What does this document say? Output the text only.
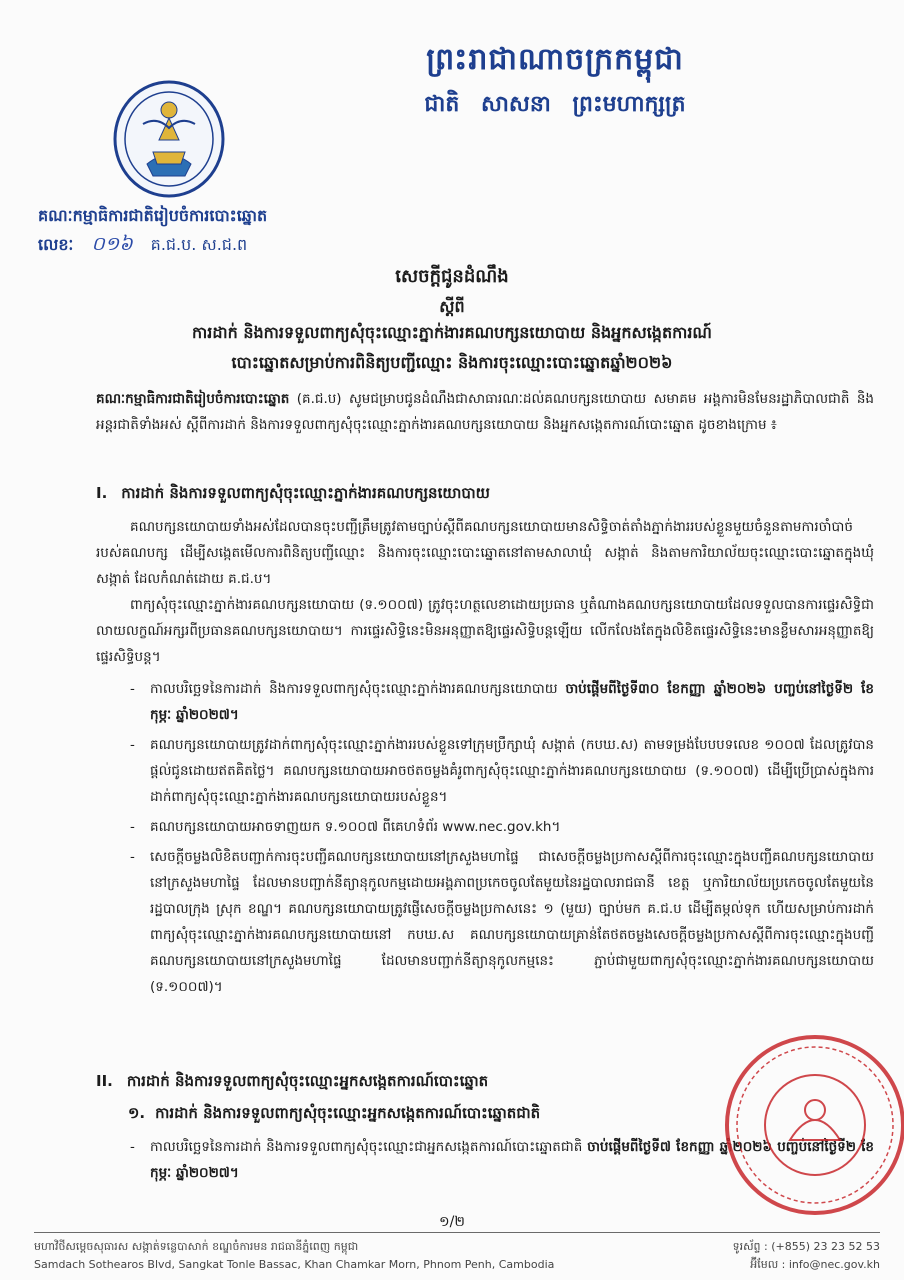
ព្រះរាជាណាចក្រកម្ពុជា
ជាតិ សាសនា ព្រះមហាក្សត្រ
គណៈកម្មាធិការជាតិរៀបចំការបោះឆ្នោត
លេខៈ ០១៦ គ.ជ.ប. ស.ជ.ព
សេចក្តីជូនដំណឹង
ស្តីពី
ការដាក់ និងការទទួលពាក្យសុំចុះឈ្មោះភ្នាក់ងារគណបក្សនយោបាយ និងអ្នកសង្កេតការណ៍
បោះឆ្នោតសម្រាប់ការពិនិត្យបញ្ជីឈ្មោះ និងការចុះឈ្មោះបោះឆ្នោតឆ្នាំ២០២៦
គណៈកម្មាធិការជាតិរៀបចំការបោះឆ្នោត (គ.ជ.ប) សូមជម្រាបជូនដំណឹងជាសាធារណៈដល់គណបក្សនយោបាយ សមាគម អង្គការមិនមែនរដ្ឋាភិបាលជាតិ និងអន្តរជាតិទាំងអស់ ស្តីពីការដាក់ និងការទទួលពាក្យសុំចុះឈ្មោះភ្នាក់ងារគណបក្សនយោបាយ និងអ្នកសង្កេតការណ៍បោះឆ្នោត ដូចខាងក្រោម ៖
I. ការដាក់ និងការទទួលពាក្យសុំចុះឈ្មោះភ្នាក់ងារគណបក្សនយោបាយ
គណបក្សនយោបាយទាំងអស់ដែលបានចុះបញ្ជីត្រឹមត្រូវតាមច្បាប់ស្តីពីគណបក្សនយោបាយមានសិទ្ធិចាត់តាំងភ្នាក់ងាររបស់ខ្លួនមួយចំនួនតាមការចាំបាច់របស់គណបក្ស ដើម្បីសង្កេតមើលការពិនិត្យបញ្ជីឈ្មោះ និងការចុះឈ្មោះបោះឆ្នោតនៅតាមសាលាឃុំ សង្កាត់ និងតាមការិយាល័យចុះឈ្មោះបោះឆ្នោតក្នុងឃុំ សង្កាត់ ដែលកំណត់ដោយ គ.ជ.ប។
ពាក្យសុំចុះឈ្មោះភ្នាក់ងារគណបក្សនយោបាយ (ទ.១០០៧) ត្រូវចុះហត្ថលេខាដោយប្រធាន ឬតំណាងគណបក្សនយោបាយដែលទទួលបានការផ្ទេរសិទ្ធិជាលាយលក្ខណ៍អក្សរពីប្រធានគណបក្សនយោបាយ។ ការផ្ទេរសិទ្ធិនេះមិនអនុញ្ញាតឱ្យផ្ទេរសិទ្ធិបន្តឡើយ លើកលែងតែក្នុងលិខិតផ្ទេរសិទ្ធិនេះមានខ្លឹមសារអនុញ្ញាតឱ្យផ្ទេរសិទ្ធិបន្ត។
- កាលបរិច្ឆេទនៃការដាក់ និងការទទួលពាក្យសុំចុះឈ្មោះភ្នាក់ងារគណបក្សនយោបាយ ចាប់ផ្តើមពីថ្ងៃទី៣០ ខែកញ្ញា ឆ្នាំ២០២៦ បញ្ចប់នៅថ្ងៃទី២ ខែកុម្ភៈ ឆ្នាំ២០២៧។
- គណបក្សនយោបាយត្រូវដាក់ពាក្យសុំចុះឈ្មោះភ្នាក់ងាររបស់ខ្លួនទៅក្រុមប្រឹក្សាឃុំ សង្កាត់ (កបឃ.ស) តាមទម្រង់បែបបទលេខ ១០០៧ ដែលត្រូវបានផ្តល់ជូនដោយឥតគិតថ្លៃ។ គណបក្សនយោបាយអាចថតចម្លងគំរូពាក្យសុំចុះឈ្មោះភ្នាក់ងារគណបក្សនយោបាយ (ទ.១០០៧) ដើម្បីប្រើប្រាស់ក្នុងការដាក់ពាក្យសុំចុះឈ្មោះភ្នាក់ងារគណបក្សនយោបាយរបស់ខ្លួន។
- គណបក្សនយោបាយអាចទាញយក ទ.១០០៧ ពីគេហទំព័រ www.nec.gov.kh។
- សេចក្តីចម្លងលិខិតបញ្ជាក់ការចុះបញ្ជីគណបក្សនយោបាយនៅក្រសួងមហាផ្ទៃ ជាសេចក្តីចម្លងប្រកាសស្តីពីការចុះឈ្មោះក្នុងបញ្ជីគណបក្សនយោបាយនៅក្រសួងមហាផ្ទៃ ដែលមានបញ្ជាក់នីត្យានុកូលកម្មដោយអង្គភាពប្រកេចចូលតែមួយនៃរដ្ឋបាលរាជធានី ខេត្ត ឬការិយាល័យប្រកេចចូលតែមួយនៃរដ្ឋបាលក្រុង ស្រុក ខណ្ឌ។ គណបក្សនយោបាយត្រូវផ្ញើសេចក្តីចម្លងប្រកាសនេះ ១ (មួយ) ច្បាប់មក គ.ជ.ប ដើម្បីតម្កល់ទុក ហើយសម្រាប់ការដាក់ពាក្យសុំចុះឈ្មោះភ្នាក់ងារគណបក្សនយោបាយនៅ កបឃ.ស គណបក្សនយោបាយគ្រាន់តែថតចម្លងសេចក្តីចម្លងប្រកាសស្តីពីការចុះឈ្មោះក្នុងបញ្ជីគណបក្សនយោបាយនៅក្រសួងមហាផ្ទៃ ដែលមានបញ្ជាក់នីត្យានុកូលកម្មនេះ ភ្ជាប់ជាមួយពាក្យសុំចុះឈ្មោះភ្នាក់ងារគណបក្សនយោបាយ (ទ.១០០៧)។
II. ការដាក់ និងការទទួលពាក្យសុំចុះឈ្មោះអ្នកសង្កេតការណ៍បោះឆ្នោត
១. ការដាក់ និងការទទួលពាក្យសុំចុះឈ្មោះអ្នកសង្កេតការណ៍បោះឆ្នោតជាតិ
- កាលបរិច្ឆេទនៃការដាក់ និងការទទួលពាក្យសុំចុះឈ្មោះជាអ្នកសង្កេតការណ៍បោះឆ្នោតជាតិ ចាប់ផ្តើមពីថ្ងៃទី៧ ខែកញ្ញា ឆ្នាំ២០២៦ បញ្ចប់នៅថ្ងៃទី២ ខែកុម្ភៈ ឆ្នាំ២០២៧។
១/២
មហាវិថីសម្តេចសុធារស សង្កាត់ទន្លេបាសាក់ ខណ្ឌចំការមន រាជធានីភ្នំពេញ កម្ពុជា
Samdach Sothearos Blvd, Sangkat Tonle Bassac, Khan Chamkar Morn, Phnom Penh, Cambodia
ទូរស័ព្ទ : (+855) 23 23 52 53
អ៊ីមែល : info@nec.gov.kh
